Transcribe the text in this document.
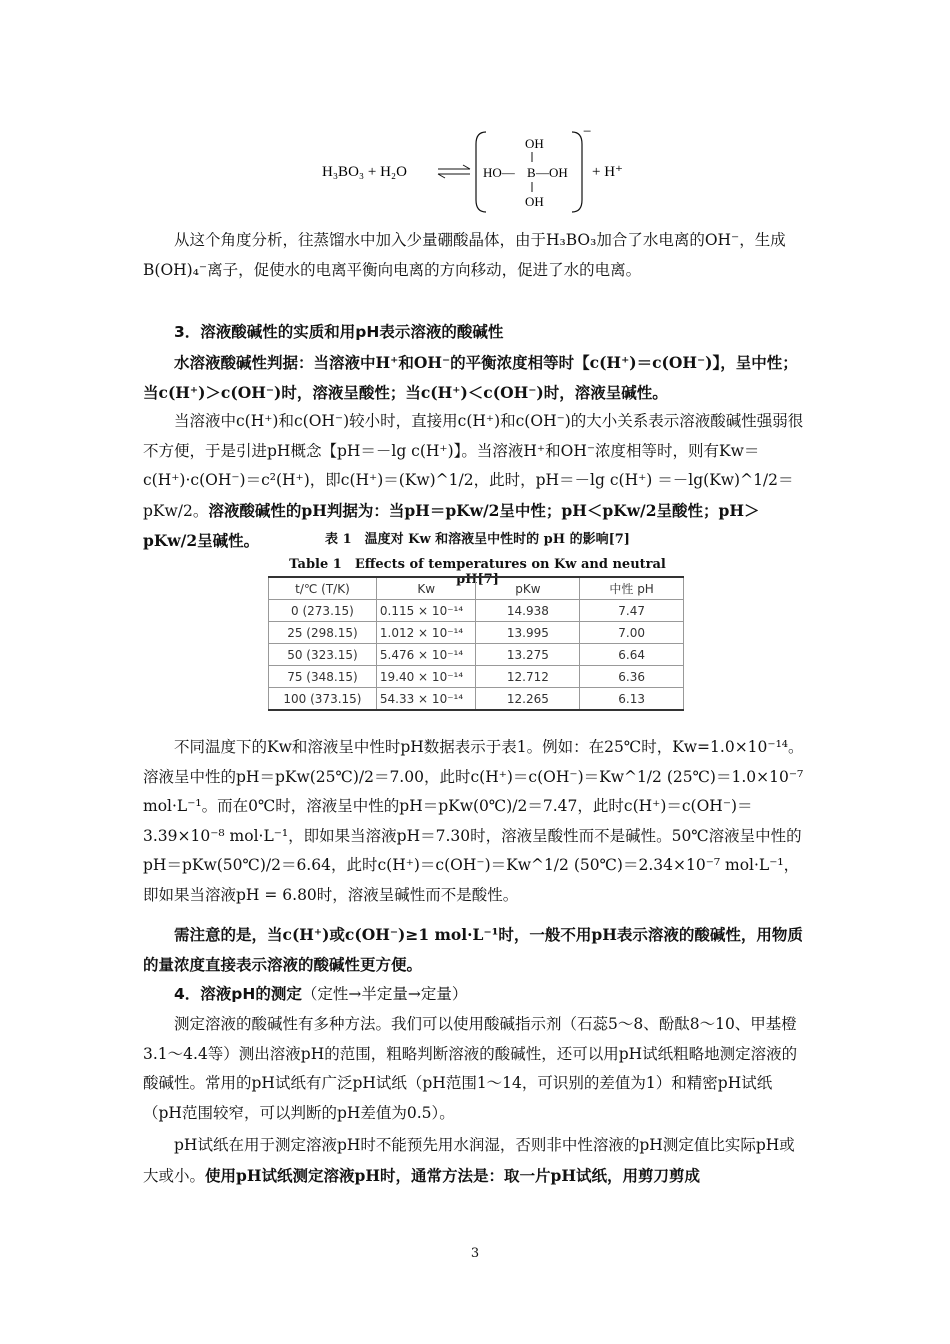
H₃BO₃ + H₂O
OH
HO— B —OH
OH
−
+ H⁺

从这个角度分析，往蒸馏水中加入少量硼酸晶体，由于H₃BO₃加合了水电离的OH⁻，生成B(OH)₄⁻离子，促使水的电离平衡向电离的方向移动，促进了水的电离。

3．溶液酸碱性的实质和用pH表示溶液的酸碱性

水溶液酸碱性判据：当溶液中H⁺和OH⁻的平衡浓度相等时【c(H⁺)＝c(OH⁻)】，呈中性；当c(H⁺)＞c(OH⁻)时，溶液呈酸性；当c(H⁺)＜c(OH⁻)时，溶液呈碱性。

当溶液中c(H⁺)和c(OH⁻)较小时，直接用c(H⁺)和c(OH⁻)的大小关系表示溶液酸碱性强弱很不方便，于是引进pH概念【pH＝－lg c(H⁺)】。当溶液H⁺和OH⁻浓度相等时，则有Kw＝c(H⁺)·c(OH⁻)＝c²(H⁺)，即c(H⁺)＝(Kw)^1/2，此时，pH＝－lg c(H⁺) ＝－lg(Kw)^1/2＝ pKw/2。溶液酸碱性的pH判据为：当pH＝pKw/2呈中性；pH＜pKw/2呈酸性；pH＞pKw/2呈碱性。	表 1　温度对 Kw 和溶液呈中性时的 pH 的影响[7]

Table 1　Effects of temperatures on Kw and neutral pH[7]

t/℃ (T/K)	Kw	pKw	中性 pH
0 (273.15)	0.115 × 10⁻¹⁴	14.938	7.47
25 (298.15)	1.012 × 10⁻¹⁴	13.995	7.00
50 (323.15)	5.476 × 10⁻¹⁴	13.275	6.64
75 (348.15)	19.40 × 10⁻¹⁴	12.712	6.36
100 (373.15)	54.33 × 10⁻¹⁴	12.265	6.13

不同温度下的Kw和溶液呈中性时pH数据表示于表1。例如：在25℃时，Kw=1.0×10⁻¹⁴。溶液呈中性的pH＝pKw(25℃)/2＝7.00，此时c(H⁺)＝c(OH⁻)＝Kw^1/2 (25℃)＝1.0×10⁻⁷ mol·L⁻¹。而在0℃时，溶液呈中性的pH＝pKw(0℃)/2＝7.47，此时c(H⁺)＝c(OH⁻)＝3.39×10⁻⁸ mol·L⁻¹，即如果当溶液pH＝7.30时，溶液呈酸性而不是碱性。50℃溶液呈中性的pH＝pKw(50℃)/2＝6.64，此时c(H⁺)＝c(OH⁻)＝Kw^1/2 (50℃)＝2.34×10⁻⁷ mol·L⁻¹，即如果当溶液pH = 6.80时，溶液呈碱性而不是酸性。

需注意的是，当c(H⁺)或c(OH⁻)≥1 mol·L⁻¹时，一般不用pH表示溶液的酸碱性，用物质的量浓度直接表示溶液的酸碱性更方便。

4．溶液pH的测定（定性→半定量→定量）

测定溶液的酸碱性有多种方法。我们可以使用酸碱指示剂（石蕊5～8、酚酞8～10、甲基橙3.1～4.4等）测出溶液pH的范围，粗略判断溶液的酸碱性，还可以用pH试纸粗略地测定溶液的酸碱性。常用的pH试纸有广泛pH试纸（pH范围1～14，可识别的差值为1）和精密pH试纸（pH范围较窄，可以判断的pH差值为0.5）。

pH试纸在用于测定溶液pH时不能预先用水润湿，否则非中性溶液的pH测定值比实际pH或大或小。使用pH试纸测定溶液pH时，通常方法是：取一片pH试纸，用剪刀剪成

3
